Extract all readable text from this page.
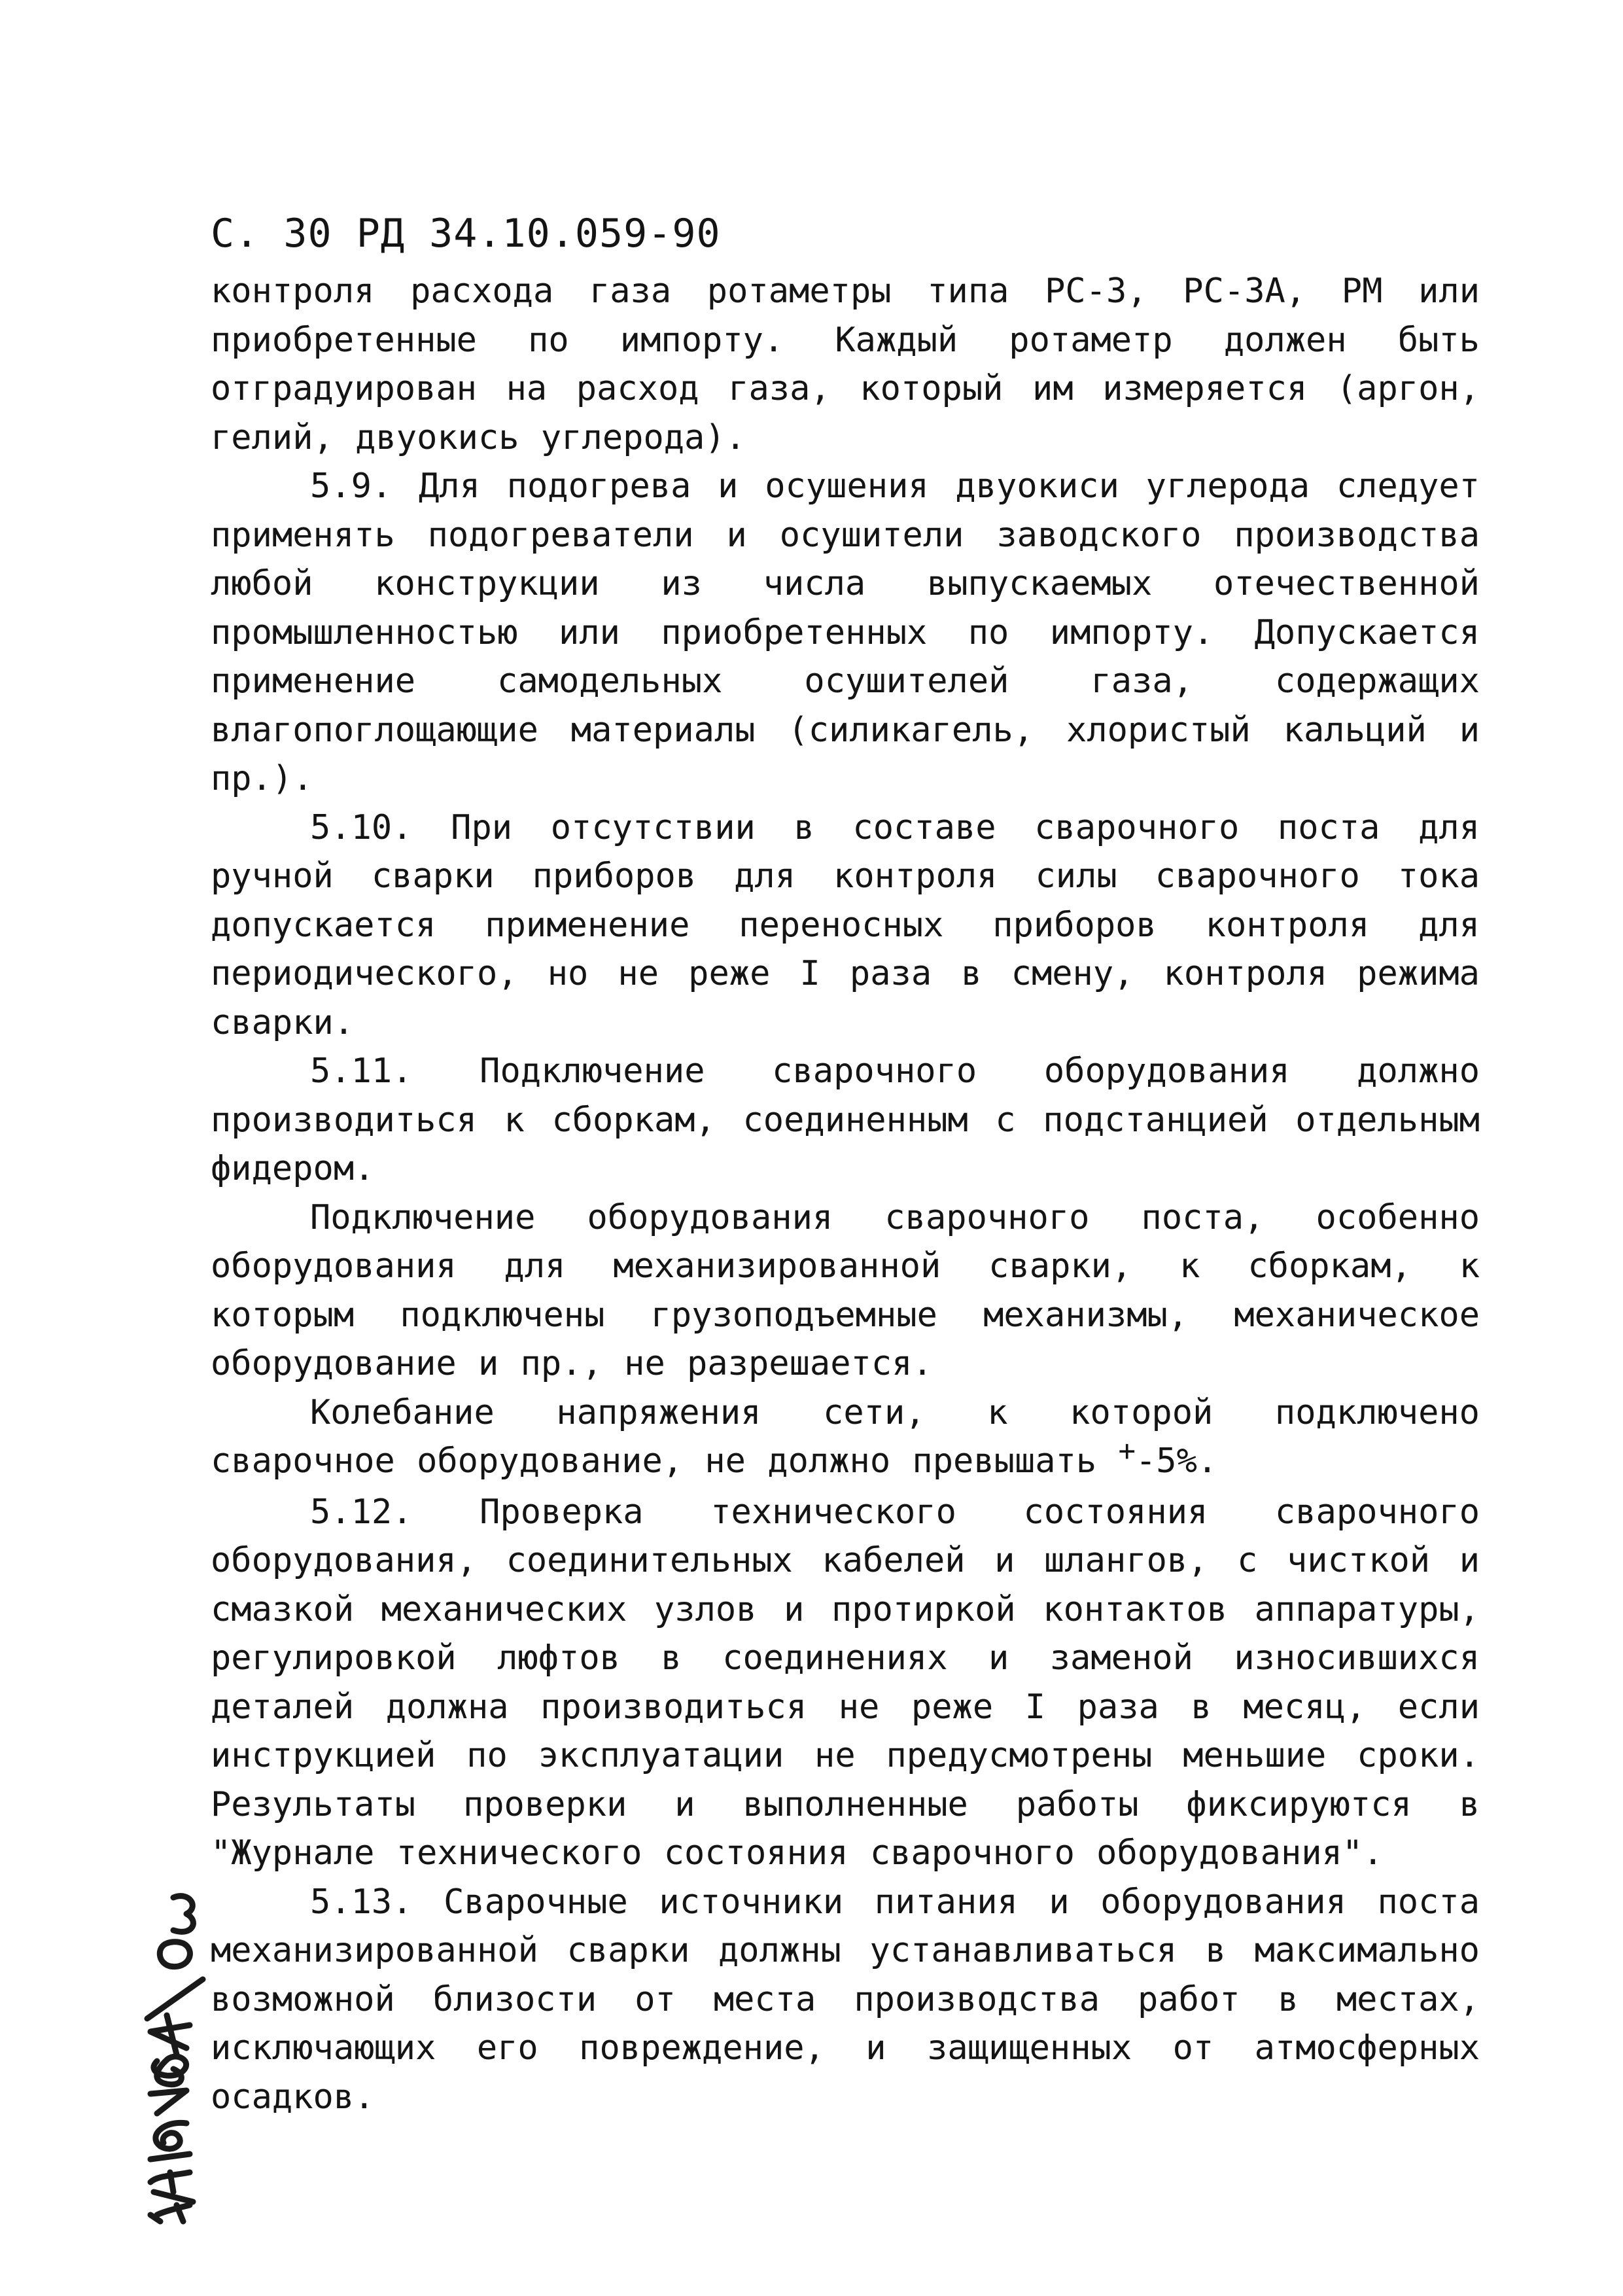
С. 30 РД 34.10.059-90

контроля расхода газа ротаметры типа РС-3, РС-3А, РМ или приобретенные по импорту. Каждый ротаметр должен быть отградуирован на расход газа, который им измеряется (аргон, гелий, двуокись углерода).

5.9. Для подогрева и осушения двуокиси углерода следует применять подогреватели и осушители заводского производства любой конструкции из числа выпускаемых отечественной промышленностью или приобретенных по импорту. Допускается применение самодельных осушителей газа, содержащих влагопоглощающие материалы (силикагель, хлористый кальций и пр.).

5.10. При отсутствии в составе сварочного поста для ручной сварки приборов для контроля силы сварочного тока допускается применение переносных приборов контроля для периодического, но не реже I раза в смену, контроля режима сварки.

5.11. Подключение сварочного оборудования должно производиться к сборкам, соединенным с подстанцией отдельным фидером.

Подключение оборудования сварочного поста, особенно оборудования для механизированной сварки, к сборкам, к которым подключены грузоподъемные механизмы, механическое оборудование и пр., не разрешается.

Колебание напряжения сети, к которой подключено сварочное оборудование, не должно превышать +-5%.

5.12. Проверка технического состояния сварочного оборудования, соединительных кабелей и шлангов, с чисткой и смазкой механических узлов и протиркой контактов аппаратуры, регулировкой люфтов в соединениях и заменой износившихся деталей должна производиться не реже I раза в месяц, если инструкцией по эксплуатации не предусмотрены меньшие сроки. Результаты проверки и выполненные работы фиксируются в "Журнале технического состояния сварочного оборудования".

5.13. Сварочные источники питания и оборудования поста механизированной сварки должны устанавливаться в максимально возможной близости от места производства работ в местах, исключающих его повреждение, и защищенных от атмосферных осадков.
